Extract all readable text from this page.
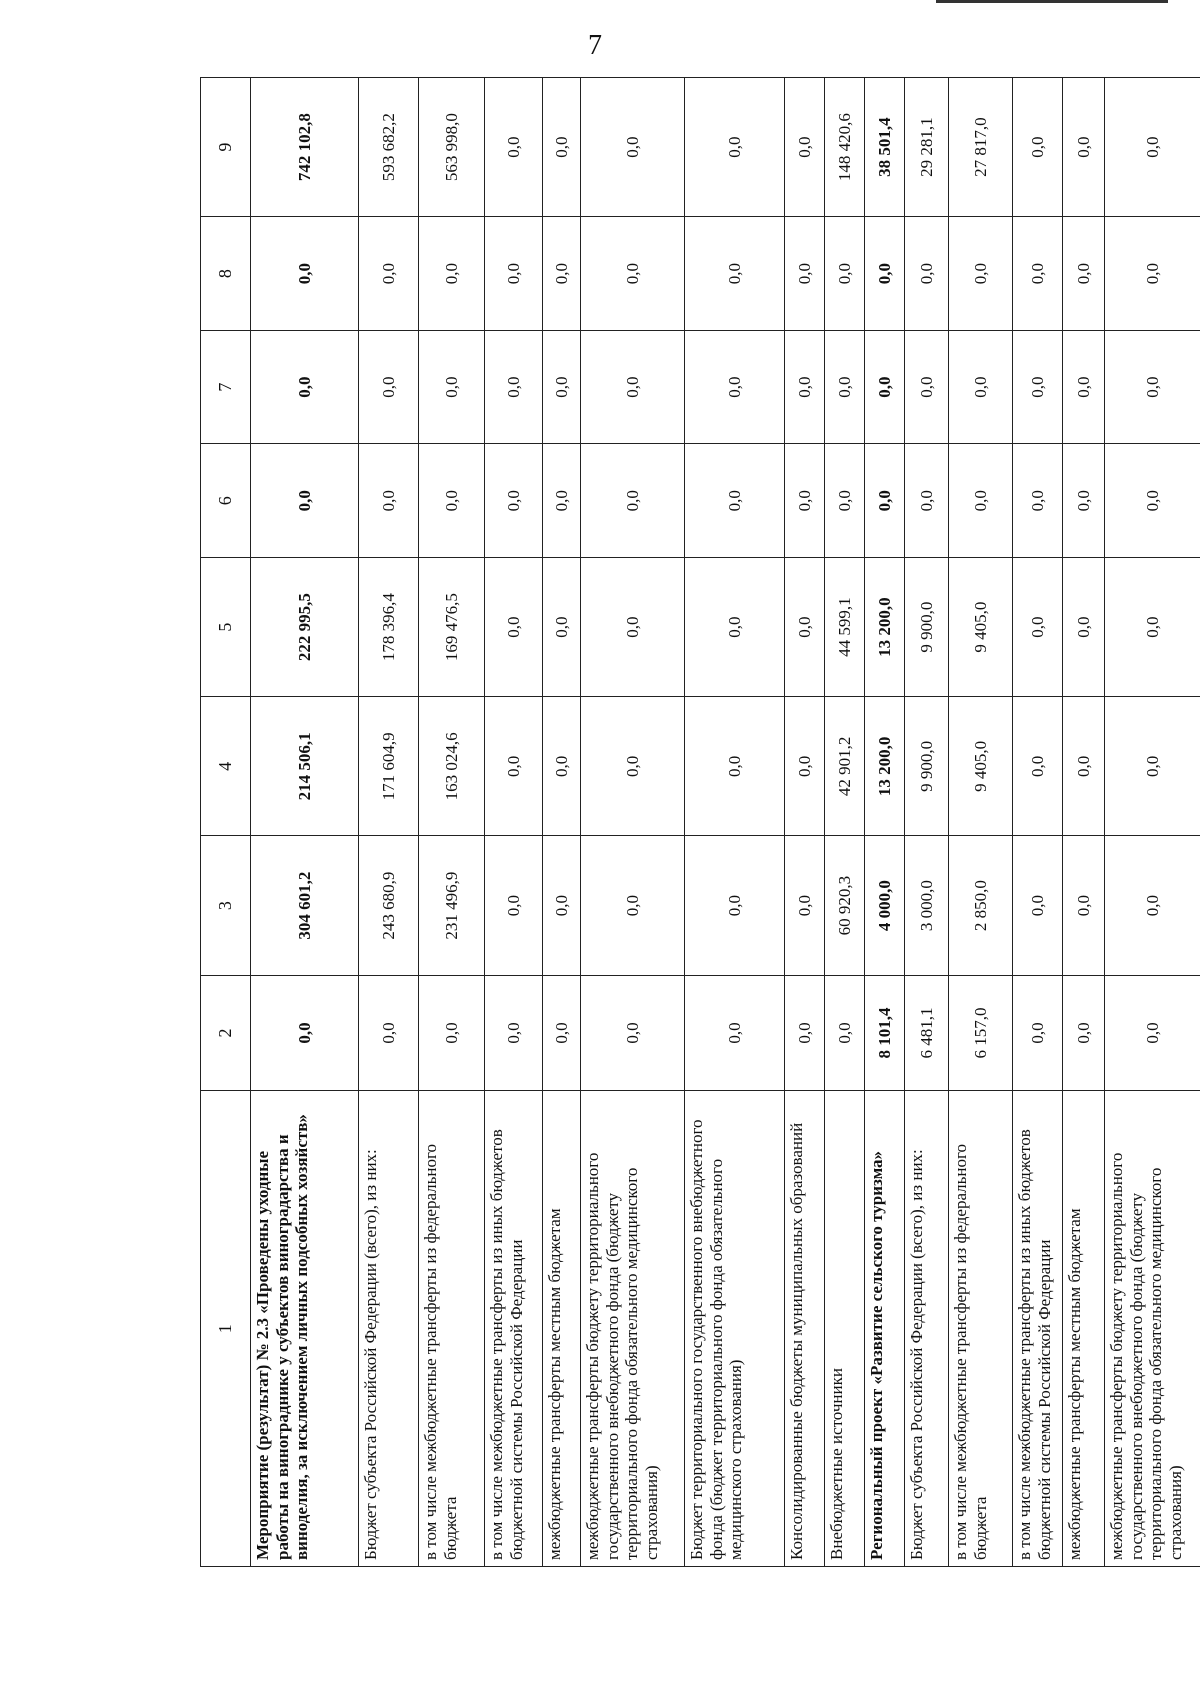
7
1	2	3	4	5	6	7	8	9
Мероприятие (результат) № 2.3 «Проведены уходные работы на винограднике у субъектов виноградарства и виноделия, за исключением личных подсобных хозяйств»	0,0	304 601,2	214 506,1	222 995,5	0,0	0,0	0,0	742 102,8
Бюджет субъекта Российской Федерации (всего), из них:	0,0	243 680,9	171 604,9	178 396,4	0,0	0,0	0,0	593 682,2
в том числе межбюджетные трансферты из федерального бюджета	0,0	231 496,9	163 024,6	169 476,5	0,0	0,0	0,0	563 998,0
в том числе межбюджетные трансферты из иных бюджетов бюджетной системы Российской Федерации	0,0	0,0	0,0	0,0	0,0	0,0	0,0	0,0
межбюджетные трансферты местным бюджетам	0,0	0,0	0,0	0,0	0,0	0,0	0,0	0,0
межбюджетные трансферты бюджету территориального государственного внебюджетного фонда (бюджету территориального фонда обязательного медицинского страхования)	0,0	0,0	0,0	0,0	0,0	0,0	0,0	0,0
Бюджет территориального государственного внебюджетного фонда (бюджет территориального фонда обязательного медицинского страхования)	0,0	0,0	0,0	0,0	0,0	0,0	0,0	0,0
Консолидированные бюджеты муниципальных образований	0,0	0,0	0,0	0,0	0,0	0,0	0,0	0,0
Внебюджетные источники	0,0	60 920,3	42 901,2	44 599,1	0,0	0,0	0,0	148 420,6
Региональный проект «Развитие сельского туризма»	8 101,4	4 000,0	13 200,0	13 200,0	0,0	0,0	0,0	38 501,4
Бюджет субъекта Российской Федерации (всего), из них:	6 481,1	3 000,0	9 900,0	9 900,0	0,0	0,0	0,0	29 281,1
в том числе межбюджетные трансферты из федерального бюджета	6 157,0	2 850,0	9 405,0	9 405,0	0,0	0,0	0,0	27 817,0
в том числе межбюджетные трансферты из иных бюджетов бюджетной системы Российской Федерации	0,0	0,0	0,0	0,0	0,0	0,0	0,0	0,0
межбюджетные трансферты местным бюджетам	0,0	0,0	0,0	0,0	0,0	0,0	0,0	0,0
межбюджетные трансферты бюджету территориального государственного внебюджетного фонда (бюджету территориального фонда обязательного медицинского страхования)	0,0	0,0	0,0	0,0	0,0	0,0	0,0	0,0
